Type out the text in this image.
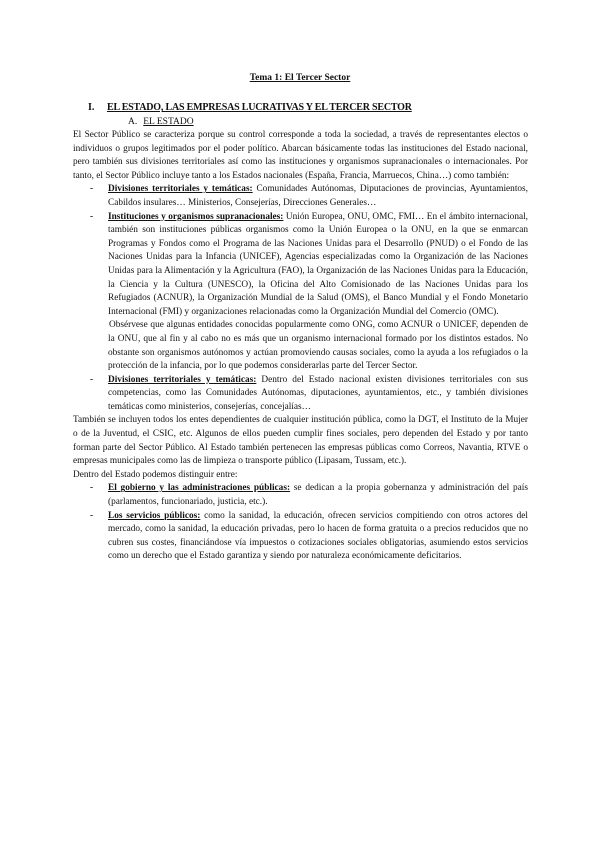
Tema 1: El Tercer Sector
I. EL ESTADO, LAS EMPRESAS LUCRATIVAS Y EL TERCER SECTOR
A. EL ESTADO

El Sector Público se caracteriza porque su control corresponde a toda la sociedad, a través de representantes electos o individuos o grupos legitimados por el poder político. Abarcan básicamente todas las instituciones del Estado nacional, pero también sus divisiones territoriales así como las instituciones y organismos supranacionales o internacionales. Por tanto, el Sector Público incluye tanto a los Estados nacionales (España, Francia, Marruecos, China…) como también:

- Divisiones territoriales y temáticas: Comunidades Autónomas, Diputaciones de provincias, Ayuntamientos, Cabildos insulares… Ministerios, Consejerías, Direcciones Generales…
- Instituciones y organismos supranacionales: Unión Europea, ONU, OMC, FMI… En el ámbito internacional, también son instituciones públicas organismos como la Unión Europea o la ONU, en la que se enmarcan Programas y Fondos como el Programa de las Naciones Unidas para el Desarrollo (PNUD) o el Fondo de las Naciones Unidas para la Infancia (UNICEF), Agencias especializadas como la Organización de las Naciones Unidas para la Alimentación y la Agricultura (FAO), la Organización de las Naciones Unidas para la Educación, la Ciencia y la Cultura (UNESCO), la Oficina del Alto Comisionado de las Naciones Unidas para los Refugiados (ACNUR), la Organización Mundial de la Salud (OMS), el Banco Mundial y el Fondo Monetario Internacional (FMI) y organizaciones relacionadas como la Organización Mundial del Comercio (OMC).

Obsérvese que algunas entidades conocidas popularmente como ONG, como ACNUR o UNICEF, dependen de la ONU, que al fin y al cabo no es más que un organismo internacional formado por los distintos estados. No obstante son organismos autónomos y actúan promoviendo causas sociales, como la ayuda a los refugiados o la protección de la infancia, por lo que podemos considerarlas parte del Tercer Sector.

- Divisiones territoriales y temáticas: Dentro del Estado nacional existen divisiones territoriales con sus competencias, como las Comunidades Autónomas, diputaciones, ayuntamientos, etc., y también divisiones temáticas como ministerios, consejerías, concejalías…

También se incluyen todos los entes dependientes de cualquier institución pública, como la DGT, el Instituto de la Mujer o de la Juventud, el CSIC, etc. Algunos de ellos pueden cumplir fines sociales, pero dependen del Estado y por tanto forman parte del Sector Público. Al Estado también pertenecen las empresas públicas como Correos, Navantia, RTVE o empresas municipales como las de limpieza o transporte público (Lipasam, Tussam, etc.).

Dentro del Estado podemos distinguir entre:

- El gobierno y las administraciones públicas: se dedican a la propia gobernanza y administración del país (parlamentos, funcionariado, justicia, etc.).
- Los servicios públicos: como la sanidad, la educación, ofrecen servicios compitiendo con otros actores del mercado, como la sanidad, la educación privadas, pero lo hacen de forma gratuita o a precios reducidos que no cubren sus costes, financiándose vía impuestos o cotizaciones sociales obligatorias, asumiendo estos servicios como un derecho que el Estado garantiza y siendo por naturaleza económicamente deficitarios.
